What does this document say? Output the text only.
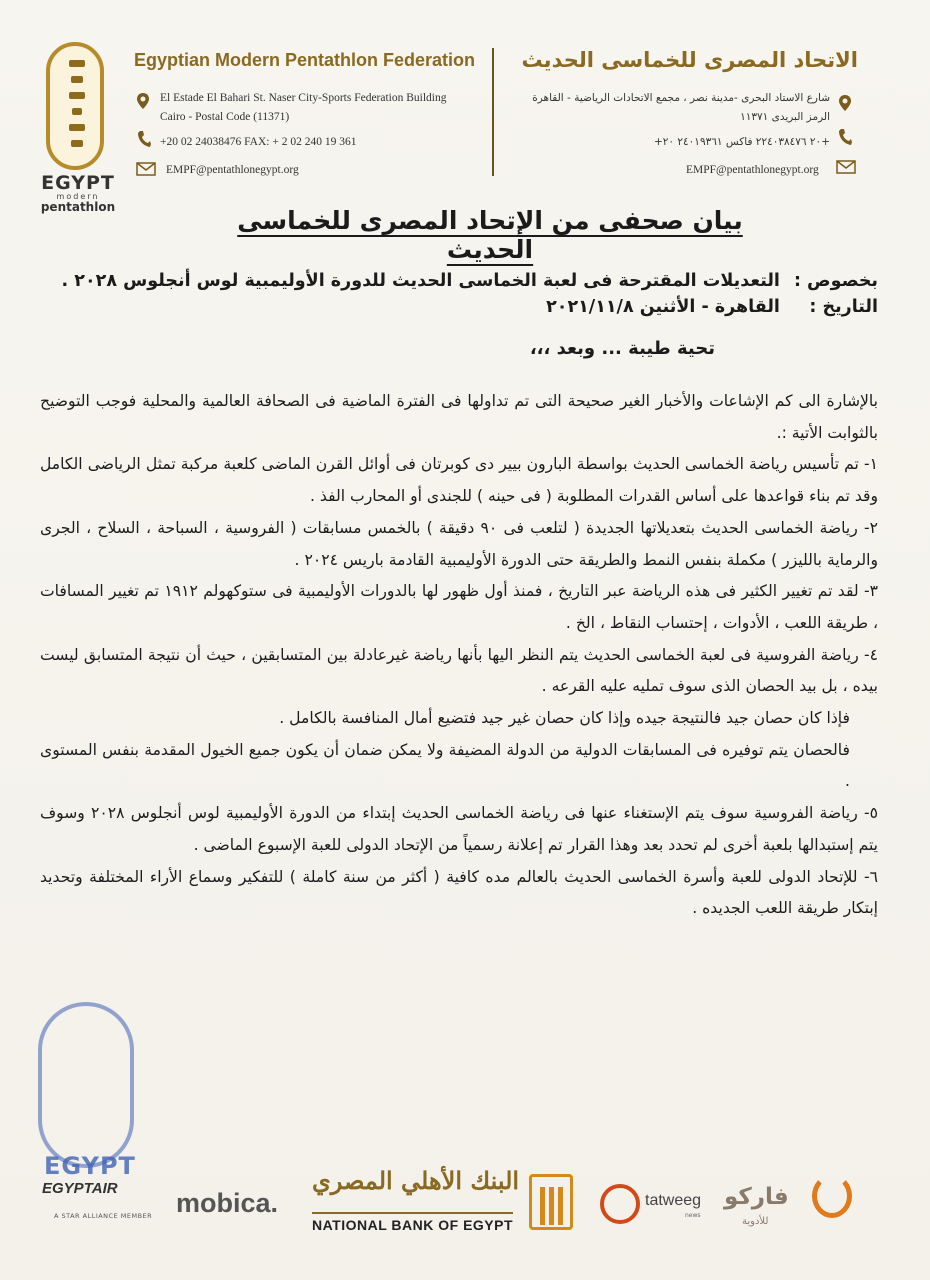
EGYPT
modern
pentathlon
Egyptian Modern Pentathlon Federation الاتحاد المصرى للخماسى الحديث
El Estade El Bahari St. Naser City-Sports Federation Building
Cairo - Postal Code (11371)
+20 02 24038476 FAX: + 2 02 240 19 361
EMPF@pentathlonegypt.org
شارع الاستاد البحرى -مدينة نصر ، مجمع الاتحادات الرياضية - القاهرة
الرمز البريدى ١١٣٧١
+٢٠ ٢٢٤٠٣٨٤٧٦ فاكس ٢٤٠١٩٣٦١ ٢٠+
EMPF@pentathlonegypt.org
بيان صحفى من الإتحاد المصرى للخماسى الحديث
بخصوص : التعديلات المقترحة فى لعبة الخماسى الحديث للدورة الأوليمبية لوس أنجلوس ٢٠٢٨ .
التاريخ : القاهرة - الأثنين ٢٠٢١/١١/٨
تحية طيبة ... وبعد ،،،

بالإشارة الى كم الإشاعات والأخبار الغير صحيحة التى تم تداولها فى الفترة الماضية فى الصحافة العالمية والمحلية فوجب التوضيح بالثوابت الأتية :.

١- تم تأسيس رياضة الخماسى الحديث بواسطة البارون بيير دى كوبرتان فى أوائل القرن الماضى كلعبة مركبة تمثل الرياضى الكامل وقد تم بناء قواعدها على أساس القدرات المطلوبة ( فى حينه ) للجندى أو المحارب الفذ .

٢- رياضة الخماسى الحديث بتعديلاتها الجديدة ( لتلعب فى ٩٠ دقيقة ) بالخمس مسابقات ( الفروسية ، السباحة ، السلاح ، الجرى والرماية بالليزر ) مكملة بنفس النمط والطريقة حتى الدورة الأوليمبية القادمة باريس ٢٠٢٤ .

٣- لقد تم تغيير الكثير فى هذه الرياضة عبر التاريخ ، فمنذ أول ظهور لها بالدورات الأوليمبية فى ستوكهولم ١٩١٢ تم تغيير المسافات ، طريقة اللعب ، الأدوات ، إحتساب النقاط ، الخ .

٤- رياضة الفروسية فى لعبة الخماسى الحديث يتم النظر اليها بأنها رياضة غيرعادلة بين المتسابقين ، حيث أن نتيجة المتسابق ليست بيده ، بل بيد الحصان الذى سوف تمليه عليه القرعه .

فإذا كان حصان جيد فالنتيجة جيده وإذا كان حصان غير جيد فتضيع أمال المنافسة بالكامل .

فالحصان يتم توفيره فى المسابقات الدولية من الدولة المضيفة ولا يمكن ضمان أن يكون جميع الخيول المقدمة بنفس المستوى .

٥- رياضة الفروسية سوف يتم الإستغناء عنها فى رياضة الخماسى الحديث إبتداء من الدورة الأوليمبية لوس أنجلوس ٢٠٢٨ وسوف يتم إستبدالها بلعبة أخرى لم تحدد بعد وهذا القرار تم إعلانة رسمياً من الإتحاد الدولى للعبة الإسبوع الماضى .

٦- للإتحاد الدولى للعبة وأسرة الخماسى الحديث بالعالم مده كافية ( أكثر من سنة كاملة ) للتفكير وسماع الأراء المختلفة وتحديد إبتكار طريقة اللعب الجديده .

EGYPT
EGYPTAIR
A STAR ALLIANCE MEMBER mobica.
البنك الأهلي المصري
NATIONAL BANK OF EGYPT
tatweeg
news
فاركو
للأدوية
